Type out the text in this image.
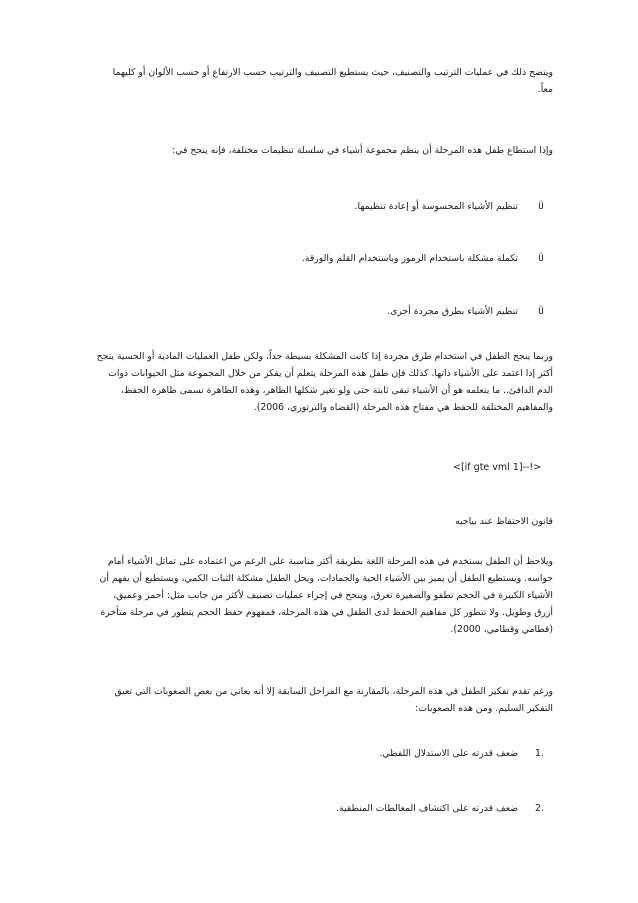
ويتضح ذلك في عمليات الترتيب والتصنيف، حيث يستطيع التصنيف والترتيب حسب الارتفاع أو حسب الألوان أو كليهما
معاً.
وإذا استطاع طفل هذه المرحلة أن ينظم مجموعة أشياء في سلسلة تنظيمات مختلفة، فإنه ينجح في:
تنظيم الأشياء المحسوسة أو إعادة تنظيمها. Ü
تكملة مشكلة باستخدام الرموز وباستخدام القلم والورقة. Ü
تنظيم الأشياء بطرق مجردة أخرى. Ü
وربما ينجح الطفل في استخدام طرق مجردة إذا كانت المشكلة بسيطة جداً، ولكن طفل العمليات المادية أو الحسية ينجح
أكثر إذا اعتمد على الأشياء ذاتها. كذلك فإن طفل هذه المرحلة يتعلم أن يفكر من خلال المجموعة مثل الحيوانات ذوات
الدم الدافئ.. ما يتعلمه هو أن الأشياء تبقى ثابتة حتى ولو تغير شكلها الظاهر، وهذه الظاهرة تسمى ظاهرة الحفظ،
والمفاهيم المختلفة للحفظ هي مفتاح هذه المرحلة (القضاه والترتوري، 2006).
<[if gte vml 1]--!>
قانون الاحتفاظ عند بياجيه
ويلاحظ أن الطفل يستخدم في هذه المرحلة اللغة بطريقة أكثر مناسبة على الرغم من اعتماده على تماثل الأشياء أمام
حواسه. ويستطيع الطفل أن يميز بين الأشياء الحية والجمادات، ويحل الطفل مشكلة الثبات الكمي، ويستطيع أن يفهم أن
الأشياء الكبيرة في الحجم تطفو والصغيرة تغرق، وينجح في إجراء عمليات تصنيف لأكثر من جانب مثل: أحمر وعميق،
أزرق وطويل. ولا تتطور كل مفاهيم الحفظ لدى الطفل في هذه المرحلة، فمفهوم حفظ الحجم يتطور في مرحلة متأخرة
(قطامي وقطامي، 2000).
ورغم تقدم تفكير الطفل في هذه المرحلة، بالمقارنة مع المراحل السابقة إلا أنه يعاني من بعض الصعوبات التي تعيق
التفكير السليم. ومن هذه الصعوبات:
ضعف قدرته على الاستدلال اللفظي. 1.
ضعف قدرته على اكتشاف المغالطات المنطقية. 2.
